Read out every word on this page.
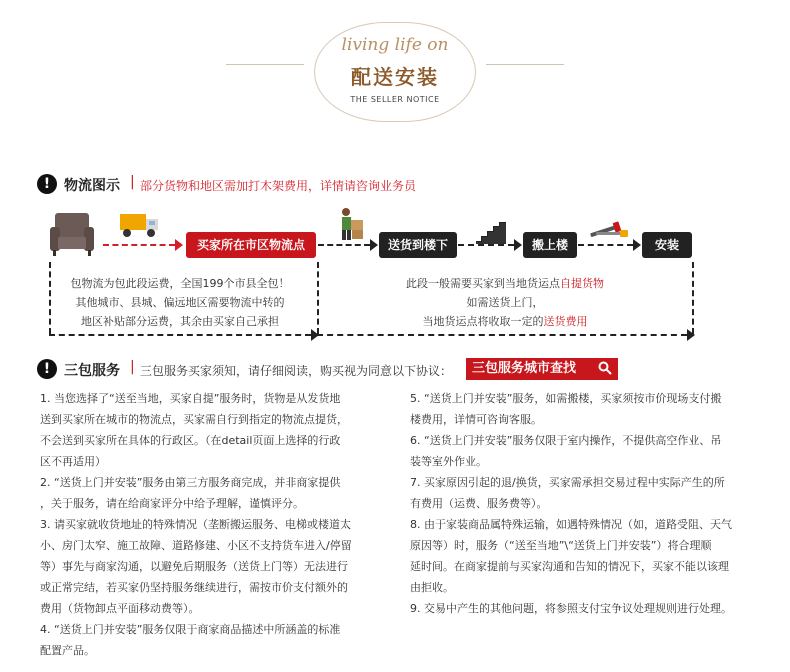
living life on
配送安装
THE SELLER NOTICE
! 物流图示 | 部分货物和地区需加打木架费用，详情请咨询业务员
买家所在市区物流点	送货到楼下	搬上楼	安装
包物流为包此段运费，全国199个市县全包！
其他城市、县城、偏远地区需要物流中转的
地区补贴部分运费，其余由买家自己承担
此段一般需要买家到当地货运点自提货物
如需送货上门，
当地货运点将收取一定的送货费用
! 三包服务 | 三包服务买家须知，请仔细阅读，购买视为同意以下协议：	三包服务城市查找

1. 当您选择了“送至当地，买家自提”服务时，货物是从发货地

送到买家所在城市的物流点，买家需自行到指定的物流点提货，

不会送到买家所在具体的行政区。（在detail页面上选择的行政

区不再适用）

2. “送货上门并安装”服务由第三方服务商完成，并非商家提供

，关于服务，请在给商家评分中给予理解，谨慎评分。

3. 请买家就收货地址的特殊情况（垄断搬运服务、电梯或楼道太

小、房门太窄、施工故障、道路修建、小区不支持货车进入/停留

等）事先与商家沟通，以避免后期服务（送货上门等）无法进行

或正常完结，若买家仍坚持服务继续进行，需按市价支付额外的

费用（货物卸点平面移动费等）。

4. “送货上门并安装”服务仅限于商家商品描述中所涵盖的标准

配置产品。

5. “送货上门并安装”服务，如需搬楼，买家须按市价现场支付搬

楼费用，详情可咨询客服。

6. “送货上门并安装”服务仅限于室内操作，不提供高空作业、吊

装等室外作业。

7. 买家原因引起的退/换货，买家需承担交易过程中实际产生的所

有费用（运费、服务费等）。

8. 由于家装商品属特殊运输，如遇特殊情况（如，道路受阻、天气

原因等）时，服务（“送至当地”\“送货上门并安装”）将合理顺

延时间。在商家提前与买家沟通和告知的情况下，买家不能以该理

由拒收。

9. 交易中产生的其他问题，将参照支付宝争议处理规则进行处理。
